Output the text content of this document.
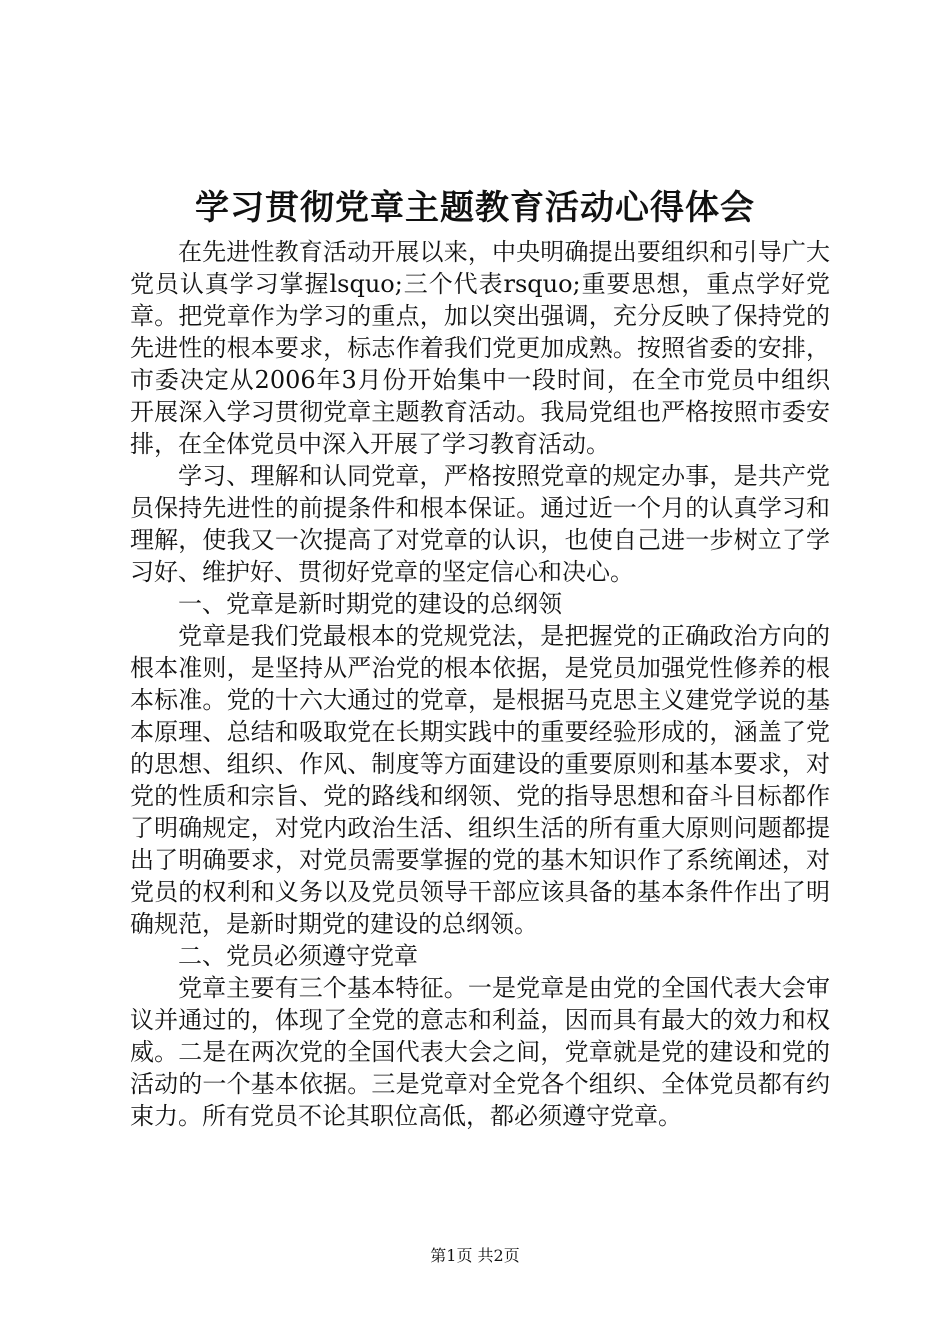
学习贯彻党章主题教育活动心得体会

在先进性教育活动开展以来，中央明确提出要组织和引导广大党员认真学习掌握lsquo;三个代表rsquo;重要思想，重点学好党章。把党章作为学习的重点，加以突出强调，充分反映了保持党的先进性的根本要求，标志作着我们党更加成熟。按照省委的安排，市委决定从2006年3月份开始集中一段时间，在全市党员中组织开展深入学习贯彻党章主题教育活动。我局党组也严格按照市委安排，在全体党员中深入开展了学习教育活动。

学习、理解和认同党章，严格按照党章的规定办事，是共产党员保持先进性的前提条件和根本保证。通过近一个月的认真学习和理解，使我又一次提高了对党章的认识，也使自己进一步树立了学习好、维护好、贯彻好党章的坚定信心和决心。

一、党章是新时期党的建设的总纲领

党章是我们党最根本的党规党法，是把握党的正确政治方向的根本准则，是坚持从严治党的根本依据，是党员加强党性修养的根本标准。党的十六大通过的党章，是根据马克思主义建党学说的基本原理、总结和吸取党在长期实践中的重要经验形成的，涵盖了党的思想、组织、作风、制度等方面建设的重要原则和基本要求，对党的性质和宗旨、党的路线和纲领、党的指导思想和奋斗目标都作了明确规定，对党内政治生活、组织生活的所有重大原则问题都提出了明确要求，对党员需要掌握的党的基木知识作了系统阐述，对党员的权利和义务以及党员领导干部应该具备的基本条件作出了明确规范，是新时期党的建设的总纲领。

二、党员必须遵守党章

党章主要有三个基本特征。一是党章是由党的全国代表大会审议并通过的，体现了全党的意志和利益，因而具有最大的效力和权威。二是在两次党的全国代表大会之间，党章就是党的建设和党的活动的一个基本依据。三是党章对全党各个组织、全体党员都有约束力。所有党员不论其职位高低，都必须遵守党章。

第1页 共2页
